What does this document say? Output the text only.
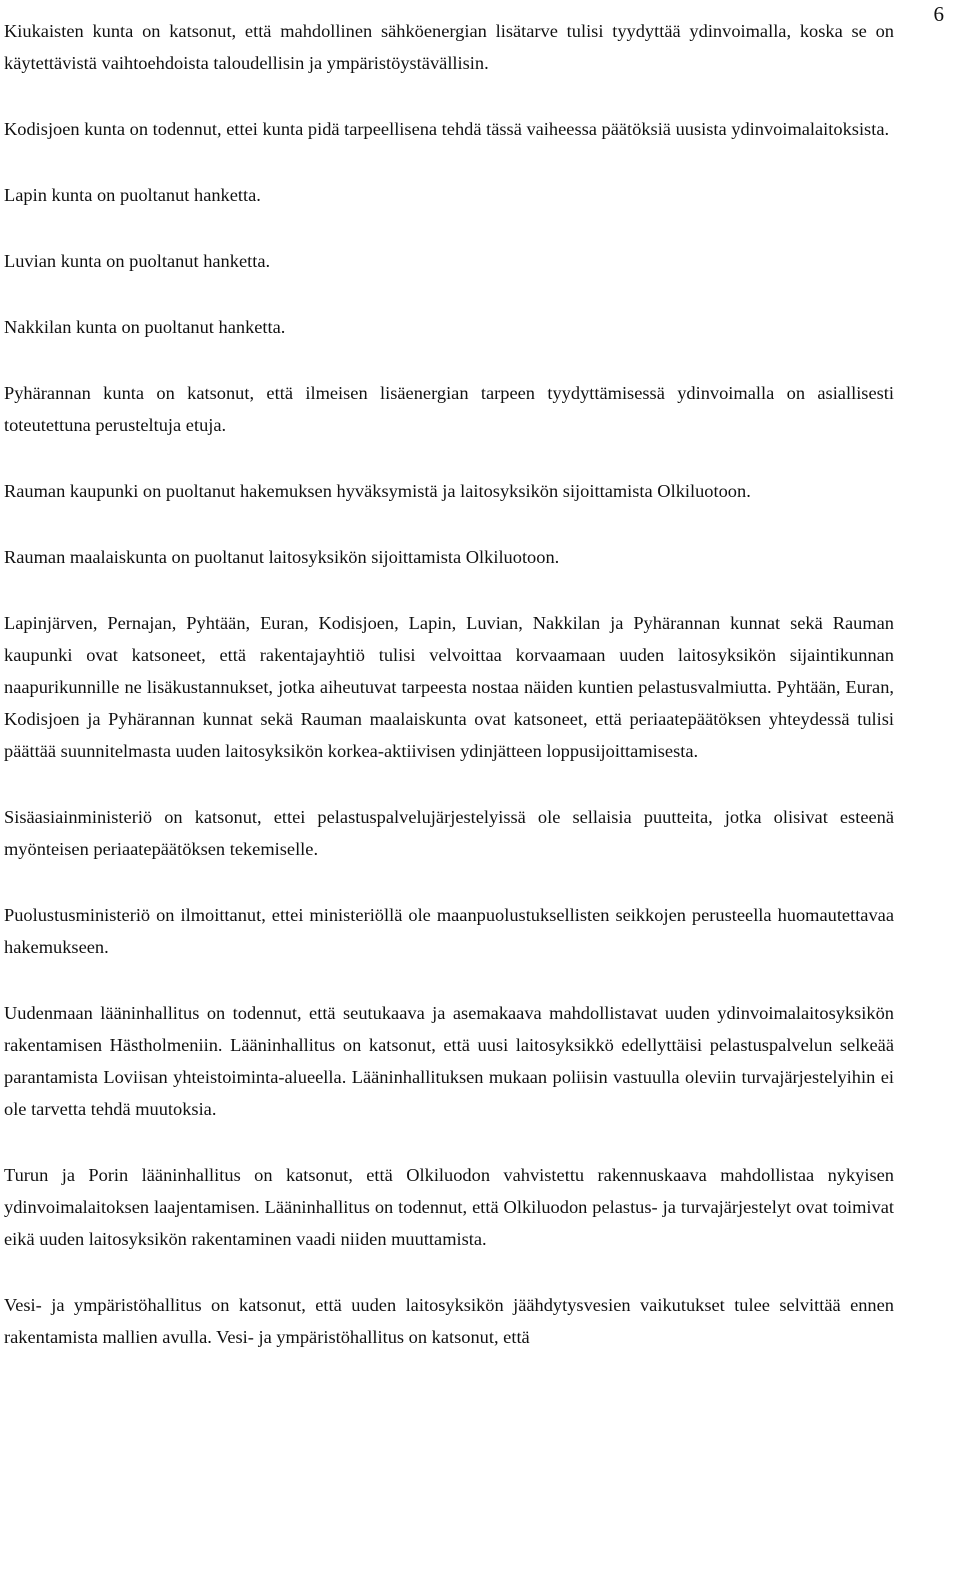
6

Kiukaisten kunta on katsonut, että mahdollinen sähköenergian lisätarve tulisi tyydyttää ydinvoimalla, koska se on käytettävistä vaihtoehdoista taloudellisin ja ympäristöystävällisin.

Kodisjoen kunta on todennut, ettei kunta pidä tarpeellisena tehdä tässä vaiheessa päätöksiä uusista ydinvoimalaitoksista.

Lapin kunta on puoltanut hanketta.

Luvian kunta on puoltanut hanketta.

Nakkilan kunta on puoltanut hanketta.

Pyhärannan kunta on katsonut, että ilmeisen lisäenergian tarpeen tyydyttämisessä ydinvoimalla on asiallisesti toteutettuna perusteltuja etuja.

Rauman kaupunki on puoltanut hakemuksen hyväksymistä ja laitosyksikön sijoittamista Olkiluotoon.

Rauman maalaiskunta on puoltanut laitosyksikön sijoittamista Olkiluotoon.

Lapinjärven, Pernajan, Pyhtään, Euran, Kodisjoen, Lapin, Luvian, Nakkilan ja Pyhärannan kunnat sekä Rauman kaupunki ovat katsoneet, että rakentajayhtiö tulisi velvoittaa korvaamaan uuden laitosyksikön sijaintikunnan naapurikunnille ne lisäkustannukset, jotka aiheutuvat tarpeesta nostaa näiden kuntien pelastusvalmiutta. Pyhtään, Euran, Kodisjoen ja Pyhärannan kunnat sekä Rauman maalaiskunta ovat katsoneet, että periaatepäätöksen yhteydessä tulisi päättää suunnitelmasta uuden laitosyksikön korkea-aktiivisen ydinjätteen loppusijoittamisesta.

Sisäasiainministeriö on katsonut, ettei pelastuspalvelujärjestelyissä ole sellaisia puutteita, jotka olisivat esteenä myönteisen periaatepäätöksen tekemiselle.

Puolustusministeriö on ilmoittanut, ettei ministeriöllä ole maanpuolustuksellisten seikkojen perusteella huomautettavaa hakemukseen.

Uudenmaan lääninhallitus on todennut, että seutukaava ja asemakaava mahdollistavat uuden ydinvoimalaitosyksikön rakentamisen Hästholmeniin. Lääninhallitus on katsonut, että uusi laitosyksikkö edellyttäisi pelastuspalvelun selkeää parantamista Loviisan yhteistoiminta-alueella. Lääninhallituksen mukaan poliisin vastuulla oleviin turvajärjestelyihin ei ole tarvetta tehdä muutoksia.

Turun ja Porin lääninhallitus on katsonut, että Olkiluodon vahvistettu rakennuskaava mahdollistaa nykyisen ydinvoimalaitoksen laajentamisen. Lääninhallitus on todennut, että Olkiluodon pelastus- ja turvajärjestelyt ovat toimivat eikä uuden laitosyksikön rakentaminen vaadi niiden muuttamista.

Vesi- ja ympäristöhallitus on katsonut, että uuden laitosyksikön jäähdytysvesien vaikutukset tulee selvittää ennen rakentamista mallien avulla. Vesi- ja ympäristöhallitus on katsonut, että
